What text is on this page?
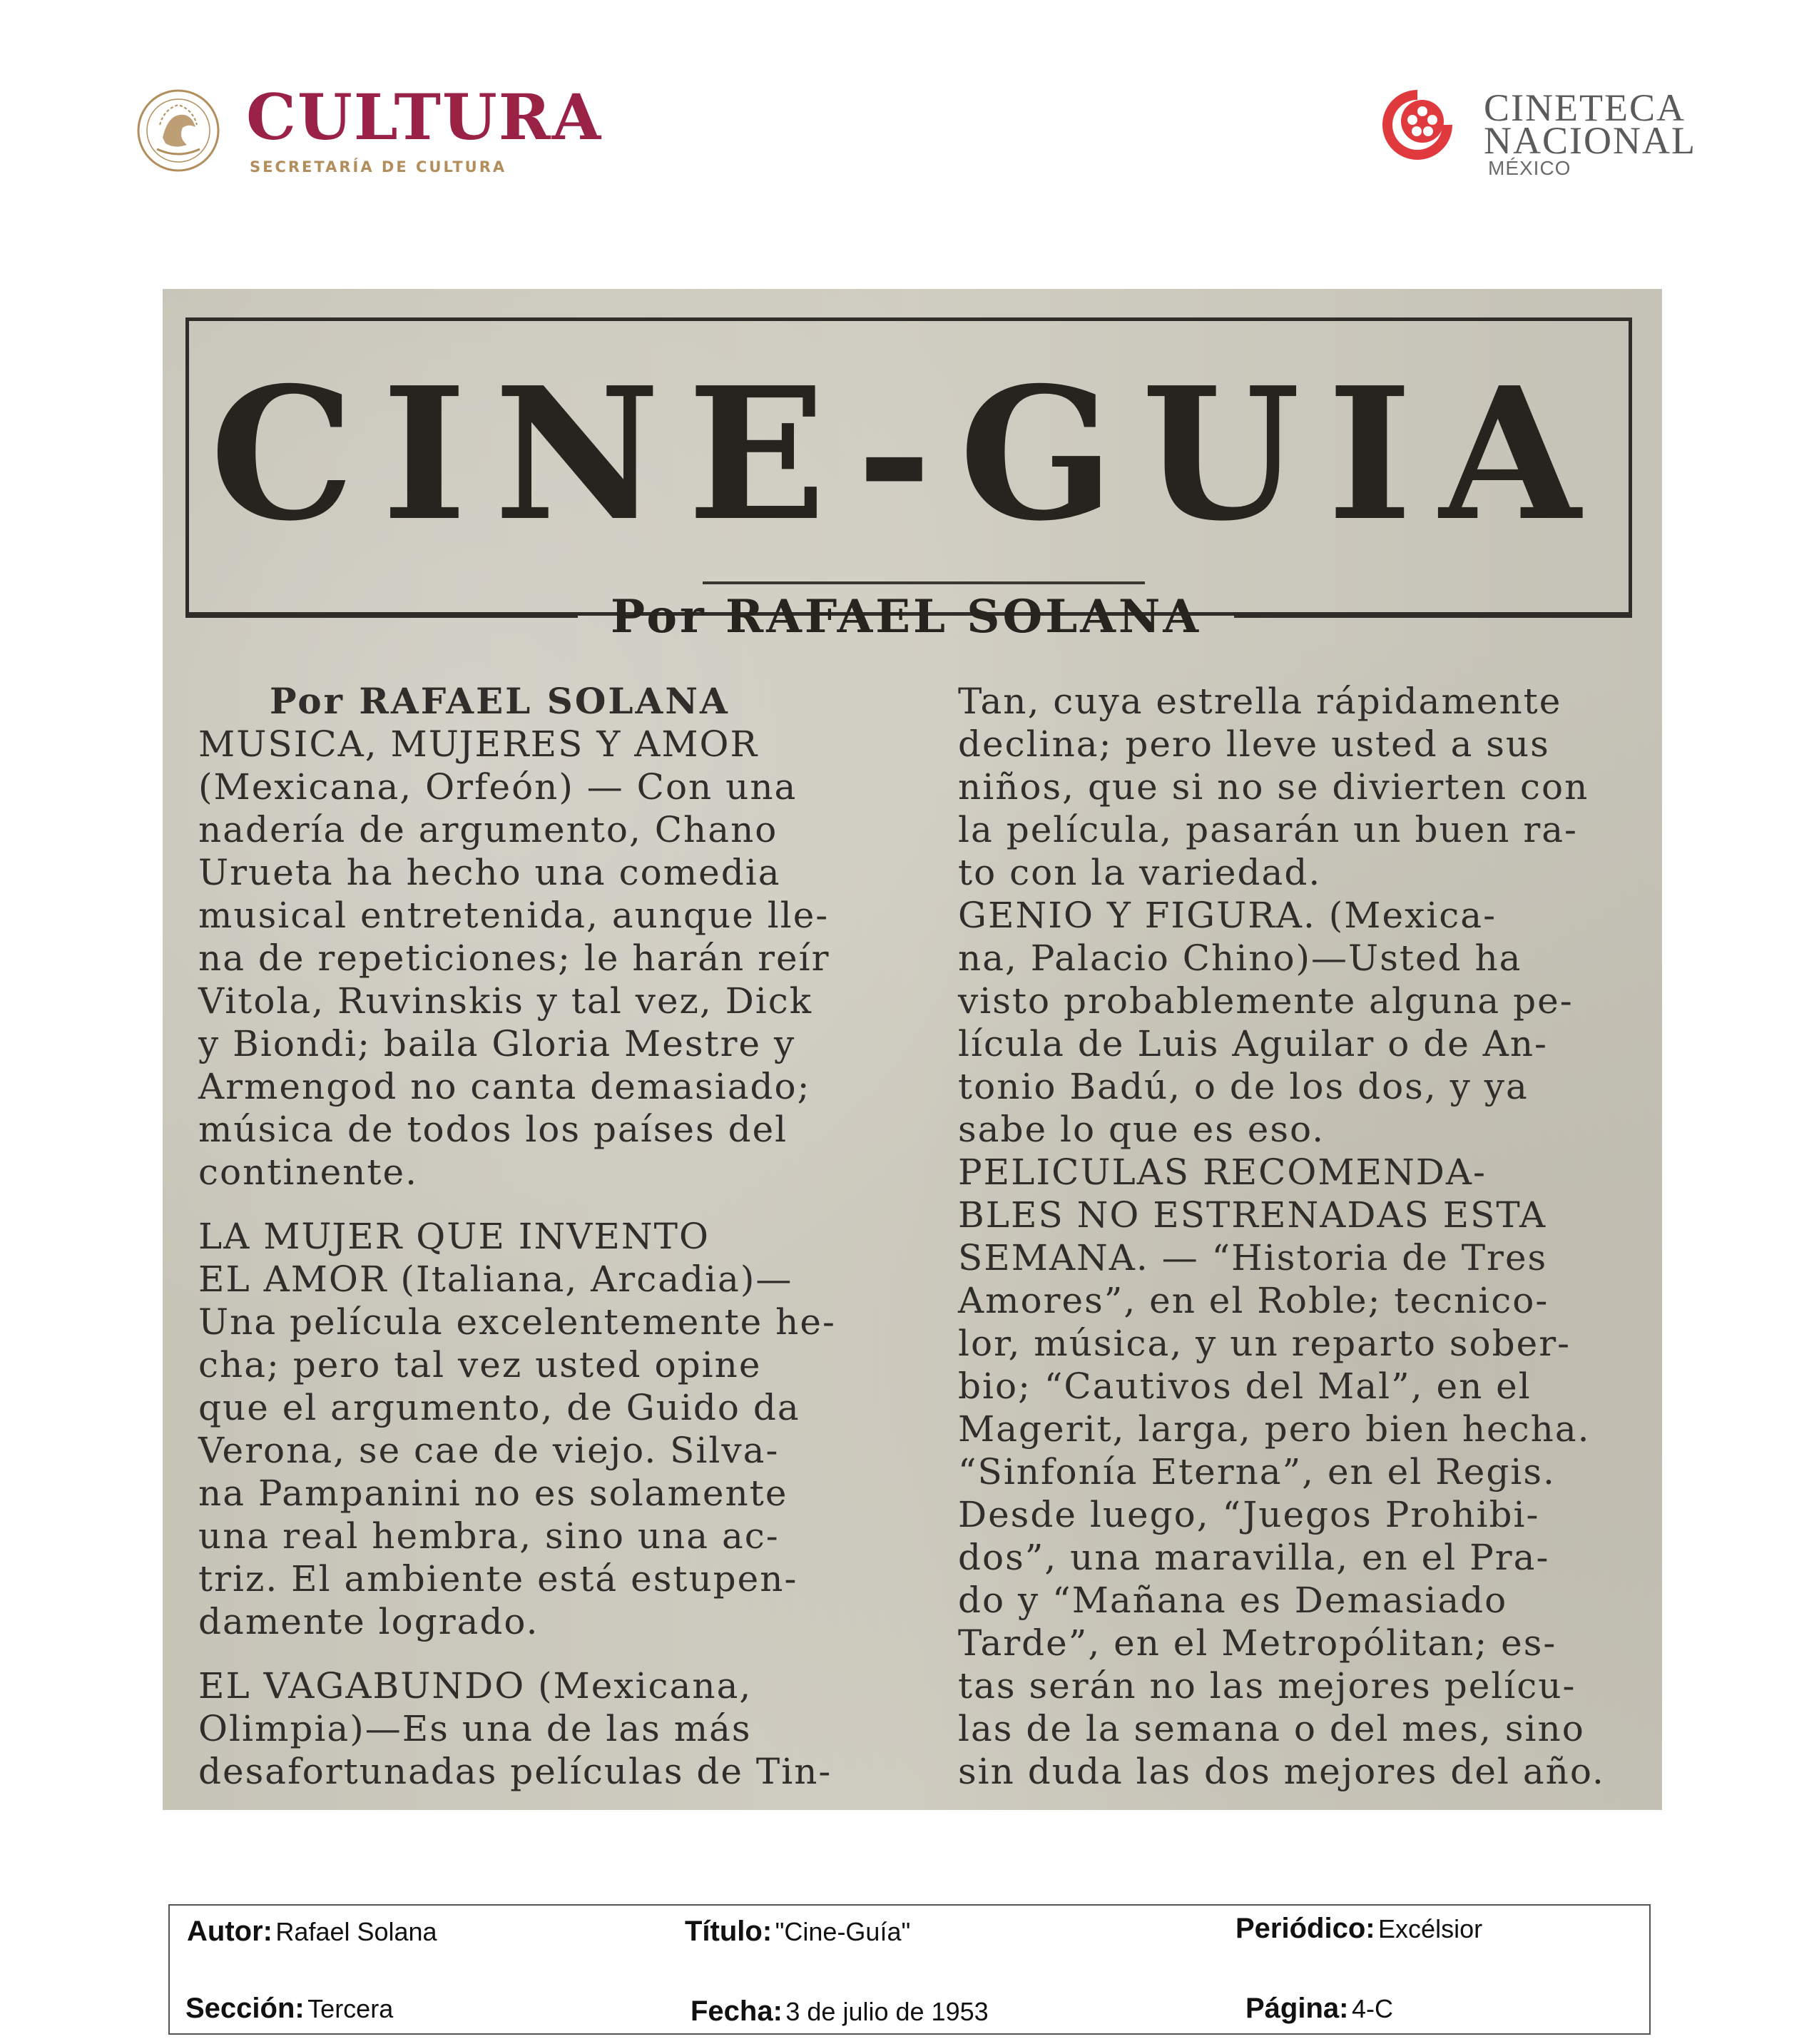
CULTURA
SECRETARÍA DE CULTURA
CINETECA
NACIONAL
MÉXICO
CINE-GUIA
Por RAFAEL SOLANA
Por RAFAEL SOLANA
MUSICA, MUJERES Y AMOR
(Mexicana, Orfeón) — Con una
nadería de argumento, Chano
Urueta ha hecho una comedia
musical entretenida, aunque lle-
na de repeticiones; le harán reír
Vitola, Ruvinskis y tal vez, Dick
y Biondi; baila Gloria Mestre y
Armengod no canta demasiado;
música de todos los países del
continente.
LA MUJER QUE INVENTO
EL AMOR (Italiana, Arcadia)—
Una película excelentemente he-
cha; pero tal vez usted opine
que el argumento, de Guido da
Verona, se cae de viejo. Silva-
na Pampanini no es solamente
una real hembra, sino una ac-
triz. El ambiente está estupen-
damente logrado.
EL VAGABUNDO (Mexicana,
Olimpia)—Es una de las más
desafortunadas películas de Tin-
Tan, cuya estrella rápidamente
declina; pero lleve usted a sus
niños, que si no se divierten con
la película, pasarán un buen ra-
to con la variedad.
GENIO Y FIGURA. (Mexica-
na, Palacio Chino)—Usted ha
visto probablemente alguna pe-
lícula de Luis Aguilar o de An-
tonio Badú, o de los dos, y ya
sabe lo que es eso.
PELICULAS RECOMENDA-
BLES NO ESTRENADAS ESTA
SEMANA. — “Historia de Tres
Amores”, en el Roble; tecnico-
lor, música, y un reparto sober-
bio; “Cautivos del Mal”, en el
Magerit, larga, pero bien hecha.
“Sinfonía Eterna”, en el Regis.
Desde luego, “Juegos Prohibi-
dos”, una maravilla, en el Pra-
do y “Mañana es Demasiado
Tarde”, en el Metropólitan; es-
tas serán no las mejores pelícu-
las de la semana o del mes, sino
sin duda las dos mejores del año.
Autor: Rafael Solana	Título: "Cine-Guía"	Periódico: Excélsior
Sección: Tercera	Fecha: 3 de julio de 1953	Página: 4-C
